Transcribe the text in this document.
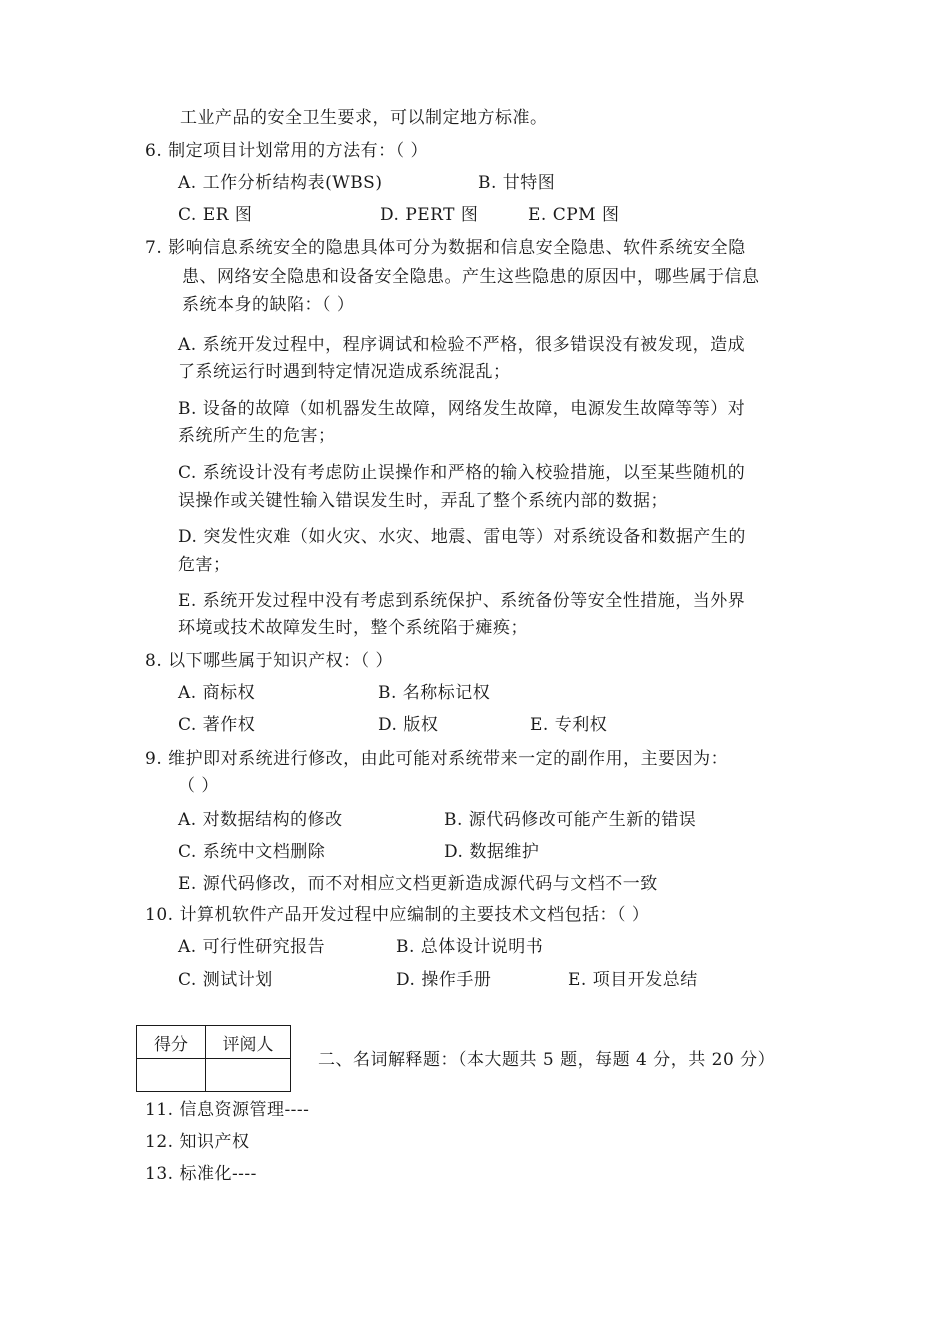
工业产品的安全卫生要求，可以制定地方标准。
6. 制定项目计划常用的方法有：（ ）
A. 工作分析结构表(WBS)	B. 甘特图
C. ER 图	D. PERT 图	E. CPM 图
7. 影响信息系统安全的隐患具体可分为数据和信息安全隐患、软件系统安全隐
患、网络安全隐患和设备安全隐患。产生这些隐患的原因中，哪些属于信息
系统本身的缺陷：（ ）
A. 系统开发过程中，程序调试和检验不严格，很多错误没有被发现，造成
了系统运行时遇到特定情况造成系统混乱；
B. 设备的故障（如机器发生故障，网络发生故障，电源发生故障等等）对
系统所产生的危害；
C. 系统设计没有考虑防止误操作和严格的输入校验措施，以至某些随机的
误操作或关键性输入错误发生时，弄乱了整个系统内部的数据；
D. 突发性灾难（如火灾、水灾、地震、雷电等）对系统设备和数据产生的
危害；
E. 系统开发过程中没有考虑到系统保护、系统备份等安全性措施，当外界
环境或技术故障发生时，整个系统陷于瘫痪；
8. 以下哪些属于知识产权：（ ）
A. 商标权	B. 名称标记权
C. 著作权	D. 版权	E. 专利权
9. 维护即对系统进行修改，由此可能对系统带来一定的副作用，主要因为：
（ ）
A. 对数据结构的修改	B. 源代码修改可能产生新的错误
C. 系统中文档删除	D. 数据维护
E. 源代码修改，而不对相应文档更新造成源代码与文档不一致
10. 计算机软件产品开发过程中应编制的主要技术文档包括：（ ）
A. 可行性研究报告	B. 总体设计说明书
C. 测试计划	D. 操作手册	E. 项目开发总结
得分	评阅人

二、名词解释题：（本大题共 5 题，每题 4 分，共 20 分）
11. 信息资源管理----
12. 知识产权
13. 标准化----
